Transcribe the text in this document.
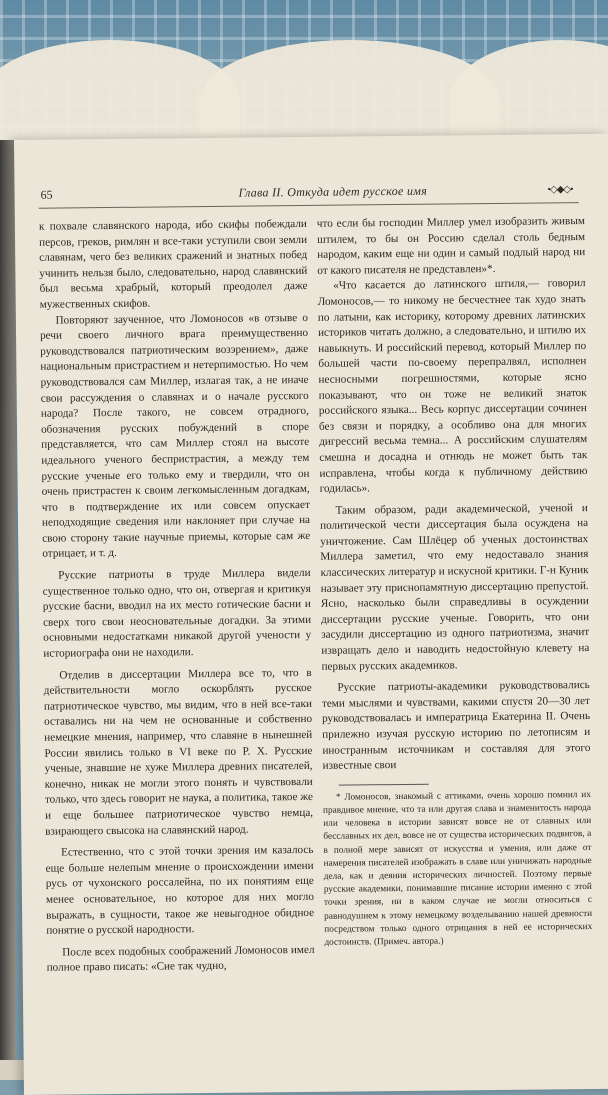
65	Глава II. Откуда идет русское имя	•◇◆◇•

к похвале славянского народа, ибо скифы побеждали персов, греков, римлян и все-таки уступили свои земли славянам, чего без великих сражений и знатных побед учинить нельзя было, следовательно, народ славянский был весьма храбрый, который преодолел даже мужественных скифов.

Повторяют заученное, что Ломоносов «в отзыве о речи своего личного врага преимущественно руководствовался патриотическим возэрением», даже национальным пристрастием и нетерпимостью. Но чем руководствовался сам Миллер, излагая так, а не иначе свои рассуждения о славянах и о начале русского народа? После такого, не совсем отрадного, обозначения русских побуждений в споре представляется, что сам Миллер стоял на высоте идеального ученого беспристрастия, а между тем русские ученые его только ему и твердили, что он очень пристрастен к своим легкомысленным догадкам, что в подтверждение их или совсем опускает неподходящие сведения или наклоняет при случае на свою сторону такие научные приемы, которые сам же отрицает, и т. д.

Русские патриоты в труде Миллера видели существенное только одно, что он, отвергая и критикуя русские басни, вводил на их место готические басни и сверх того свои неосновательные догадки. За этими основными недостатками никакой другой учености у историографа они не находили.

Отделив в диссертации Миллера все то, что в действительности могло оскорблять русское патриотическое чувство, мы видим, что в ней все-таки оставались ни на чем не основанные и собственно немецкие мнения, например, что славяне в нынешней России явились только в VI веке по Р. Х. Русские ученые, знавшие не хуже Миллера древних писателей, конечно, никак не могли этого понять и чувствовали только, что здесь говорит не наука, а политика, такое же и еще большее патриотическое чувство немца, взирающего свысока на славянский народ.

Естественно, что с этой точки зрения им казалось еще больше нелепым мнение о происхождении имени русь от чухонского россалейна, по их понятиям еще менее основательное, но которое для них могло выражать, в сущности, такое же невыгодное обидное понятие о русской народности.

После всех подобных соображений Ломоносов имел полное право писать: «Сие так чудно,

что если бы господин Миллер умел изобразить живым штилем, то бы он Россию сделал столь бедным народом, каким еще ни один и самый подлый народ ни от какого писателя не представлен»*.

«Что касается до латинского штиля,— говорил Ломоносов,— то никому не бесчестнее так худо знать по латыни, как историку, которому древних латинских историков читать должно, а следовательно, и штилю их навыкнуть. И российский перевод, который Миллер по большей части по-своему перепралвял, исполнен несносными погрешностями, которые ясно показывают, что он тоже не великий знаток российского языка... Весь корпус диссертации сочинен без связи и порядку, а особливо она для многих дигрессий весьма темна... А российским слушателям смешна и досадна и отнюдь не может быть так исправлена, чтобы когда к публичному действию годилась».

Таким образом, ради академической, ученой и политической чести диссертация была осуждена на уничтожение. Сам Шлёцер об ученых достоинствах Миллера заметил, что ему недоставало знания классических литератур и искусной критики. Г-н Куник называет эту приснопамятную диссертацию препустой. Ясно, насколько были справедливы в осуждении диссертации русские ученые. Говорить, что они засудили диссертацию из одного патриотизма, значит извращать дело и наводить недостойную клевету на первых русских академиков.

Русские патриоты-академики руководствовались теми мыслями и чувствами, какими спустя 20—30 лет руководствовалась и императрица Екатерина II. Очень прилежно изучая русскую историю по летописям и иностранным источникам и составляя для этого известные свои

* Ломоносов, знакомый с аттиками, очень хорошо помнил их правдивое мнение, что та или другая слава и знаменитость народа или человека в истории зависят вовсе не от славных или бесславных их дел, вовсе не от существа исторических подвигов, а в полной мере зависят от искусства и умения, или даже от намерения писателей изображать в славе или уничижать народные дела, как и деяния исторических личностей. Поэтому первые русские академики, понимавшие писание истории именно с этой точки зрения, ни в каком случае не могли относиться с равнодушием к этому немецкому возделыванию нашей древности посредством только одного отрицания в ней ее исторических достоинств. (Примеч. автора.)
